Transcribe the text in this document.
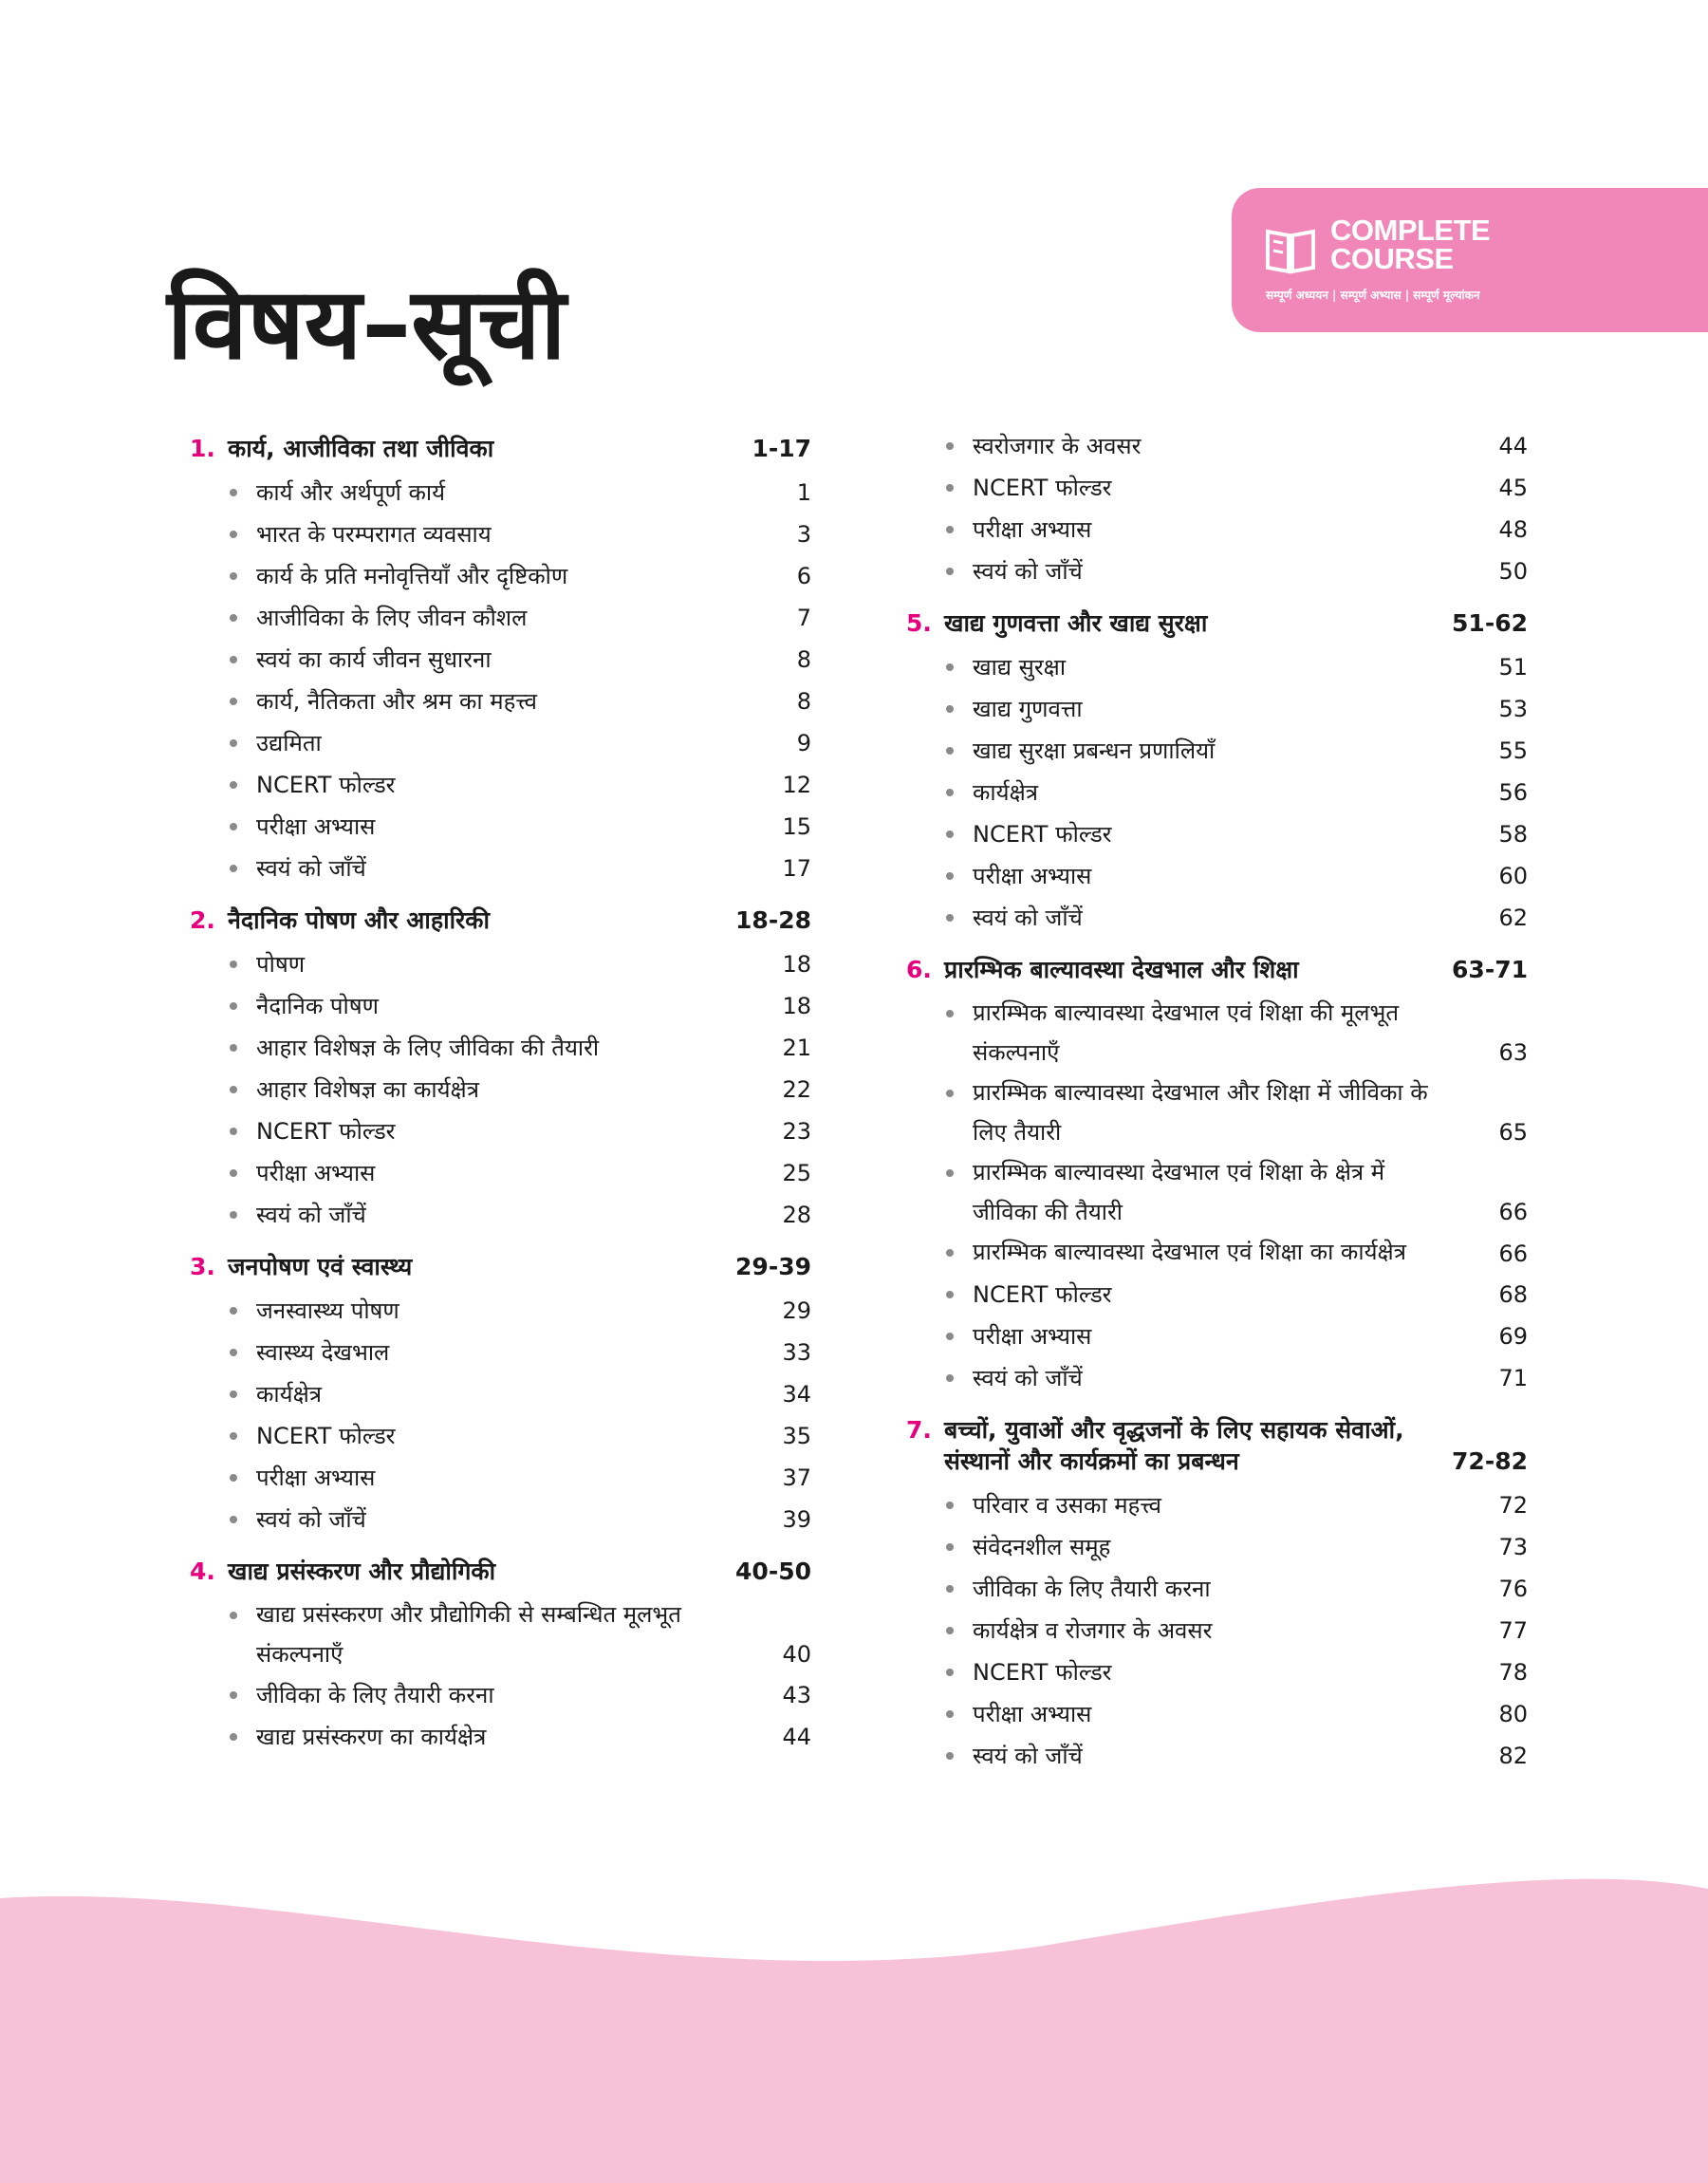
COMPLETE
COURSE
सम्पूर्ण अध्ययन | सम्पूर्ण अभ्यास | सम्पूर्ण मूल्यांकन
विषय–सूची
1. कार्य, आजीविका तथा जीविका	1-17
कार्य और अर्थपूर्ण कार्य	1
भारत के परम्परागत व्यवसाय	3
कार्य के प्रति मनोवृत्तियाँ और दृष्टिकोण	6
आजीविका के लिए जीवन कौशल	7
स्वयं का कार्य जीवन सुधारना	8
कार्य, नैतिकता और श्रम का महत्त्व	8
उद्यमिता	9
NCERT फोल्डर	12
परीक्षा अभ्यास	15
स्वयं को जाँचें	17
2. नैदानिक पोषण और आहारिकी	18-28
पोषण	18
नैदानिक पोषण	18
आहार विशेषज्ञ के लिए जीविका की तैयारी	21
आहार विशेषज्ञ का कार्यक्षेत्र	22
NCERT फोल्डर	23
परीक्षा अभ्यास	25
स्वयं को जाँचें	28
3. जनपोषण एवं स्वास्थ्य	29-39
जनस्वास्थ्य पोषण	29
स्वास्थ्य देखभाल	33
कार्यक्षेत्र	34
NCERT फोल्डर	35
परीक्षा अभ्यास	37
स्वयं को जाँचें	39
4. खाद्य प्रसंस्करण और प्रौद्योगिकी	40-50
खाद्य प्रसंस्करण और प्रौद्योगिकी से सम्बन्धित मूलभूत संकल्पनाएँ	40
जीविका के लिए तैयारी करना	43
खाद्य प्रसंस्करण का कार्यक्षेत्र	44
स्वरोजगार के अवसर	44
NCERT फोल्डर	45
परीक्षा अभ्यास	48
स्वयं को जाँचें	50
5. खाद्य गुणवत्ता और खाद्य सुरक्षा	51-62
खाद्य सुरक्षा	51
खाद्य गुणवत्ता	53
खाद्य सुरक्षा प्रबन्धन प्रणालियाँ	55
कार्यक्षेत्र	56
NCERT फोल्डर	58
परीक्षा अभ्यास	60
स्वयं को जाँचें	62
6. प्रारम्भिक बाल्यावस्था देखभाल और शिक्षा	63-71
प्रारम्भिक बाल्यावस्था देखभाल एवं शिक्षा की मूलभूत संकल्पनाएँ	63
प्रारम्भिक बाल्यावस्था देखभाल और शिक्षा में जीविका के लिए तैयारी	65
प्रारम्भिक बाल्यावस्था देखभाल एवं शिक्षा के क्षेत्र में जीविका की तैयारी	66
प्रारम्भिक बाल्यावस्था देखभाल एवं शिक्षा का कार्यक्षेत्र	66
NCERT फोल्डर	68
परीक्षा अभ्यास	69
स्वयं को जाँचें	71
7. बच्चों, युवाओं और वृद्धजनों के लिए सहायक सेवाओं, संस्थानों और कार्यक्रमों का प्रबन्धन	72-82
परिवार व उसका महत्त्व	72
संवेदनशील समूह	73
जीविका के लिए तैयारी करना	76
कार्यक्षेत्र व रोजगार के अवसर	77
NCERT फोल्डर	78
परीक्षा अभ्यास	80
स्वयं को जाँचें	82
